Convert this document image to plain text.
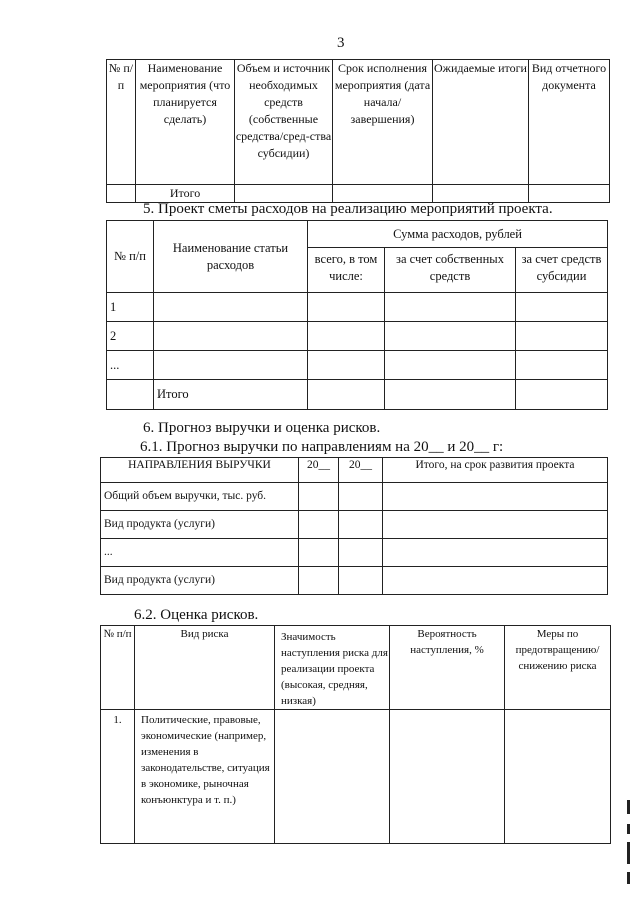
3
№ п/п	Наименование мероприятия (что планируется сделать)	Объем и источник необходимых средств (собственные средства/сред-ства субсидии)	Срок исполнения мероприятия (дата начала/ завершения)	Ожидаемые итоги	Вид отчетного документа
	Итого				
5. Проект сметы расходов на реализацию мероприятий проекта.
№ п/п	Наименование статьи расходов	Сумма расходов, рублей		
		всего, в том числе:	за счет собственных средств	за счет средств субсидии
1				
2				
...				
	Итого			
6. Прогноз выручки и оценка рисков.
6.1. Прогноз выручки по направлениям на 20__ и 20__ г:
НАПРАВЛЕНИЯ ВЫРУЧКИ	20__	20__	Итого, на срок развития проекта
Общий объем выручки, тыс. руб.			
Вид продукта (услуги)			
...			
Вид продукта (услуги)			
6.2. Оценка рисков.
№ п/п	Вид риска	Значимость наступления риска для реализации проекта (высокая, средняя, низкая)	Вероятность наступления, %	Меры по предотвращению/ снижению риска
1.	Политические, правовые, экономические (например, изменения в законодательстве, ситуация в экономике, рыночная конъюнктура и т. п.)			
